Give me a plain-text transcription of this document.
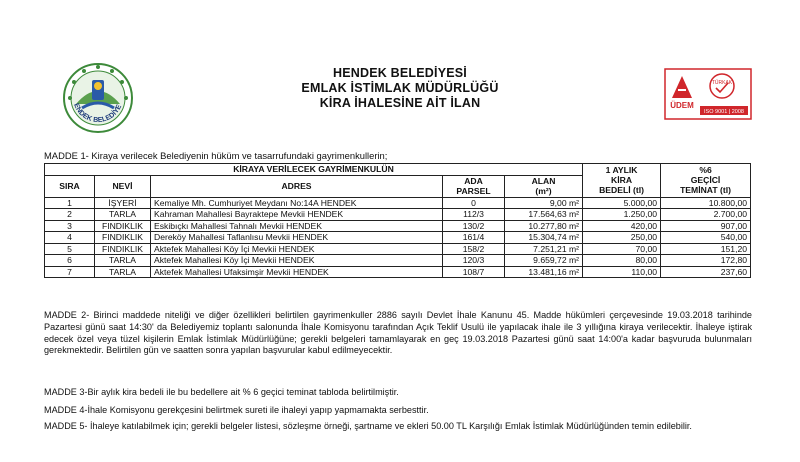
ENDEK BELEDİYE
HENDEK BELEDİYESİ
EMLAK İSTİMLAK MÜDÜRLÜĞÜ
KİRA İHALESİNE AİT İLAN	ÜDEM
TÜRKAK
ISO 9001 | 2008
MADDE 1- Kiraya verilecek Belediyenin hüküm ve tasarrufundaki gayrimenkullerin;
KİRAYA VERİLECEK GAYRİMENKULÜN					1 AYLIK
KİRA
BEDELİ (tl)	%6
GEÇİCİ
TEMİNAT (tl)
SIRA	NEVİ	ADRES	ADA
PARSEL	ALAN
(m²)		
1	İŞYERİ	Kemaliye Mh. Cumhuriyet Meydanı No:14A HENDEK	0	9,00 m²	5.000,00	10.800,00
2	TARLA	Kahraman Mahallesi Bayraktepe Mevkii HENDEK	112/3	17.564,63 m²	1.250,00	2.700,00
3	FINDIKLIK	Eskibıçkı Mahallesi Tahnalı Mevkii HENDEK	130/2	10.277,80 m²	420,00	907,00
4	FINDIKLIK	Dereköy Mahallesi Taflanlısu Mevkii HENDEK	161/4	15.304,74 m²	250,00	540,00
5	FINDIKLIK	Aktefek Mahallesi Köy İçi Mevkii HENDEK	158/2	7.251,21 m²	70,00	151,20
6	TARLA	Aktefek Mahallesi Köy İçi Mevkii HENDEK	120/3	9.659,72 m²	80,00	172,80
7	TARLA	Aktefek Mahallesi Ufaksimşir Mevkii HENDEK	108/7	13.481,16 m²	110,00	237,60
MADDE 2- Birinci maddede niteliği ve diğer özellikleri belirtilen gayrimenkuller 2886 sayılı Devlet İhale Kanunu 45. Madde hükümleri çerçevesinde 19.03.2018 tarihinde Pazartesi günü saat 14:30' da Belediyemiz toplantı salonunda İhale Komisyonu tarafından Açık Teklif Usulü ile yapılacak ihale ile 3 yıllığına kiraya verilecektir. İhaleye iştirak edecek özel veya tüzel kişilerin Emlak İstimlak Müdürlüğüne; gerekli belgeleri tamamlayarak en geç 19.03.2018 Pazartesi günü saat 14:00'a kadar başvuruda bulunmaları gerekmektedir. Belirtilen gün ve saatten sonra yapılan başvurular kabul edilmeyecektir.
MADDE 3-Bir aylık kira bedeli ile bu bedellere ait % 6 geçici teminat tabloda belirtilmiştir.
MADDE 4-İhale Komisyonu gerekçesini belirtmek sureti ile ihaleyi yapıp yapmamakta serbesttir.
MADDE 5- İhaleye katılabilmek için; gerekli belgeler listesi, sözleşme örneği, şartname ve ekleri 50.00 TL Karşılığı Emlak İstimlak Müdürlüğünden temin edilebilir.
